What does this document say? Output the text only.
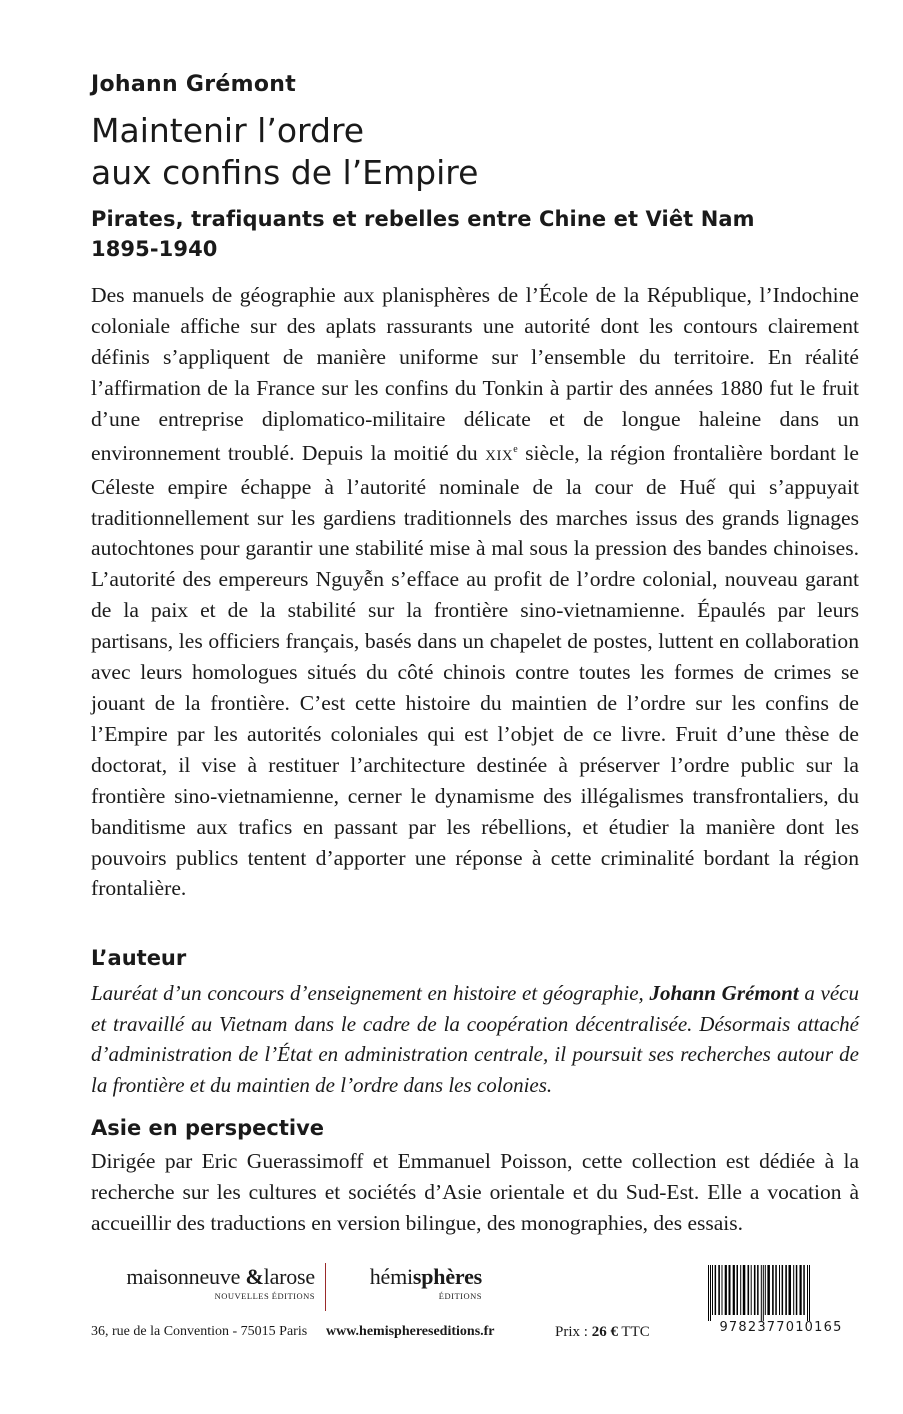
Johann Grémont
Maintenir l’ordre
aux confins de l’Empire
Pirates, trafiquants et rebelles entre Chine et Viêt Nam
1895-1940

Des manuels de géographie aux planisphères de l’École de la République, l’Indochine coloniale affiche sur des aplats rassurants une autorité dont les contours clairement définis s’appliquent de manière uniforme sur l’ensemble du territoire. En réalité l’affirmation de la France sur les confins du Tonkin à partir des années 1880 fut le fruit d’une entreprise diplomatico-militaire délicate et de longue haleine dans un environnement troublé. Depuis la moitié du XIXe siècle, la région frontalière bordant le Céleste empire échappe à l’autorité nominale de la cour de Huế qui s’appuyait traditionnellement sur les gardiens traditionnels des marches issus des grands lignages autochtones pour garantir une stabilité mise à mal sous la pression des bandes chinoises. L’autorité des empereurs Nguyễn s’efface au profit de l’ordre colonial, nouveau garant de la paix et de la stabilité sur la frontière sino-vietnamienne. Épaulés par leurs partisans, les officiers français, basés dans un chapelet de postes, luttent en collaboration avec leurs homologues situés du côté chinois contre toutes les formes de crimes se jouant de la frontière. C’est cette histoire du maintien de l’ordre sur les confins de l’Empire par les autorités coloniales qui est l’objet de ce livre. Fruit d’une thèse de doctorat, il vise à restituer l’architecture destinée à préserver l’ordre public sur la frontière sino-vietnamienne, cerner le dynamisme des illégalismes transfrontaliers, du banditisme aux trafics en passant par les rébellions, et étudier la manière dont les pouvoirs publics tentent d’apporter une réponse à cette criminalité bordant la région frontalière.

L’auteur

Lauréat d’un concours d’enseignement en histoire et géographie, Johann Grémont a vécu et travaillé au Vietnam dans le cadre de la coopération décentralisée. Désormais attaché d’administration de l’État en administration centrale, il poursuit ses recherches autour de la frontière et du maintien de l’ordre dans les colonies.

Asie en perspective

Dirigée par Eric Guerassimoff et Emmanuel Poisson, cette collection est dédiée à la recherche sur les cultures et sociétés d’Asie orientale et du Sud-Est. Elle a vocation à accueillir des traductions en version bilingue, des monographies, des essais.

maisonneuve &larose
NOUVELLES ÉDITIONS
hémisphères
ÉDITIONS
36, rue de la Convention - 75015 Paris www.hemisphereseditions.fr	Prix : 26 € TTC	9782377010165
